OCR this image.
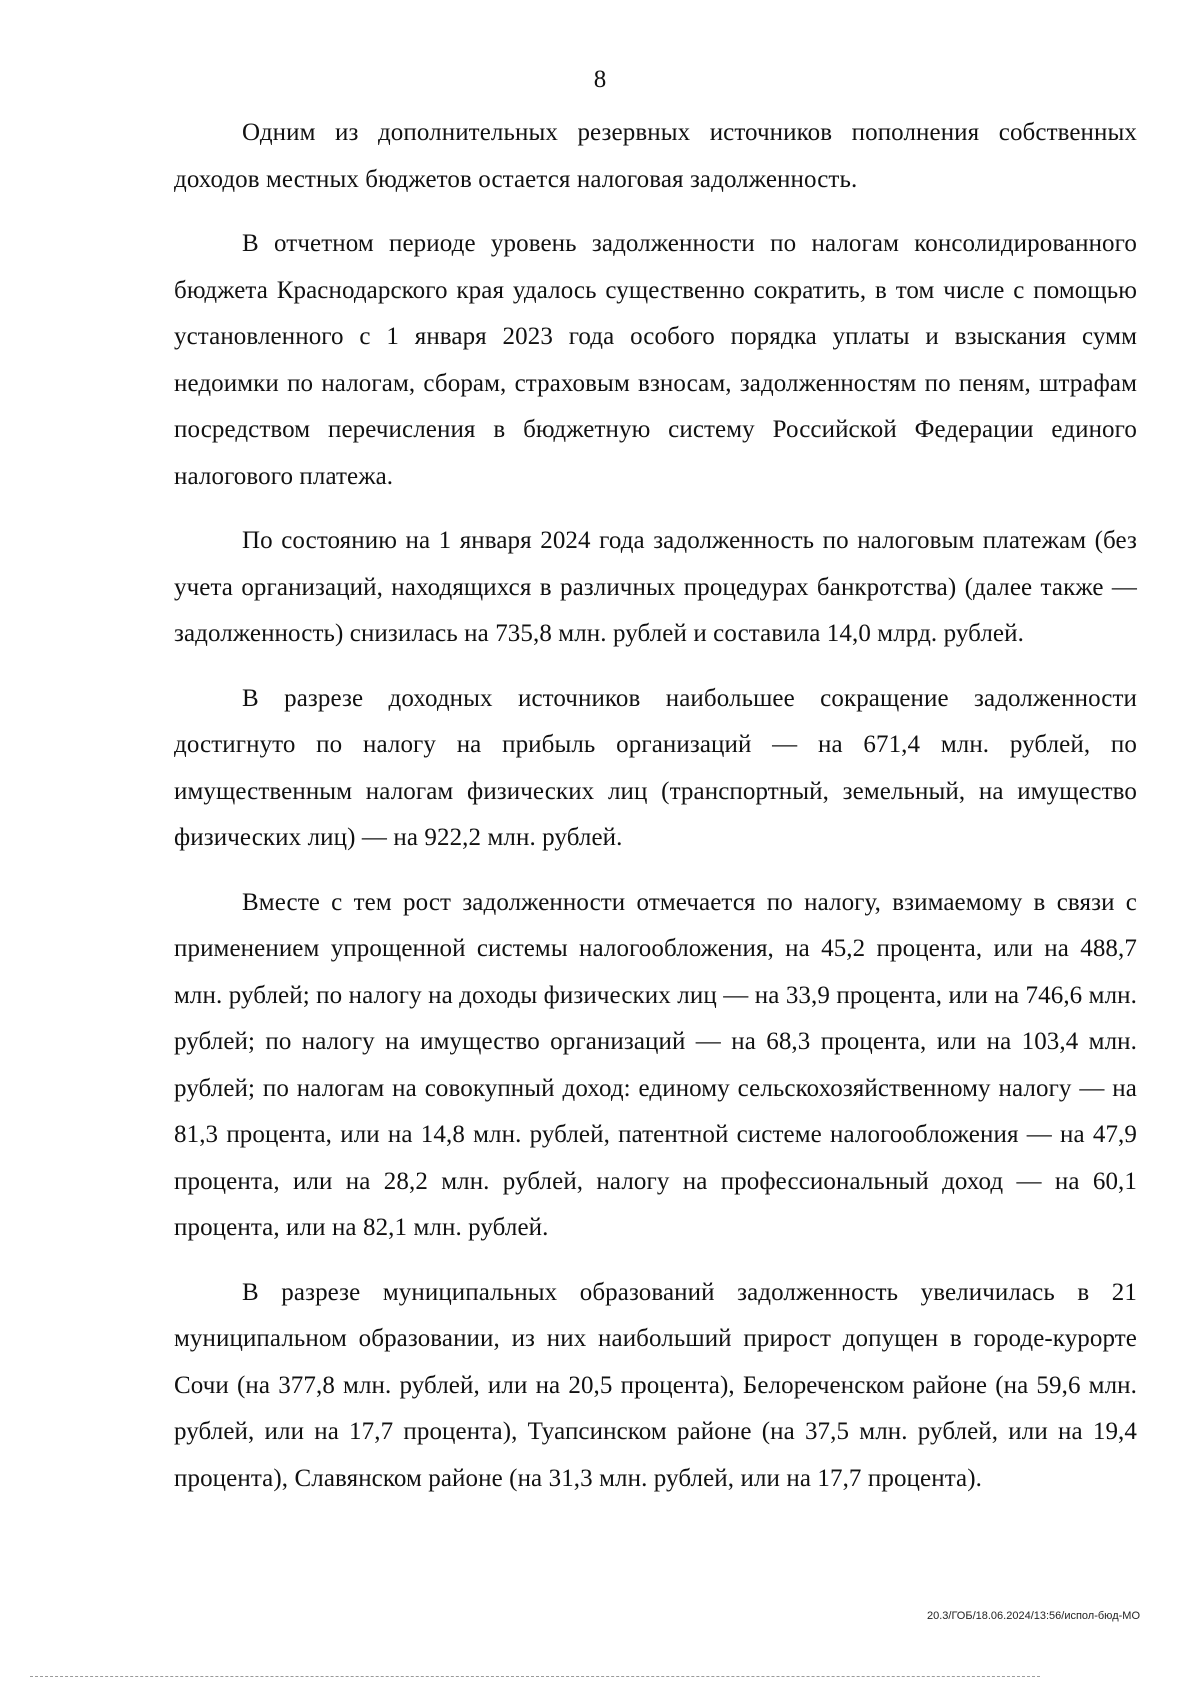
8

Одним из дополнительных резервных источников пополнения собственных доходов местных бюджетов остается налоговая задолженность.

В отчетном периоде уровень задолженности по налогам консолидированного бюджета Краснодарского края удалось существенно сократить, в том числе с помощью установленного с 1 января 2023 года особого порядка уплаты и взыскания сумм недоимки по налогам, сборам, страховым взносам, задолженностям по пеням, штрафам посредством перечисления в бюджетную систему Российской Федерации единого налогового платежа.

По состоянию на 1 января 2024 года задолженность по налоговым платежам (без учета организаций, находящихся в различных процедурах банкротства) (далее также — задолженность) снизилась на 735,8 млн. рублей и составила 14,0 млрд. рублей.

В разрезе доходных источников наибольшее сокращение задолженности достигнуто по налогу на прибыль организаций — на 671,4 млн. рублей, по имущественным налогам физических лиц (транспортный, земельный, на имущество физических лиц) — на 922,2 млн. рублей.

Вместе с тем рост задолженности отмечается по налогу, взимаемому в связи с применением упрощенной системы налогообложения, на 45,2 процента, или на 488,7 млн. рублей; по налогу на доходы физических лиц — на 33,9 процента, или на 746,6 млн. рублей; по налогу на имущество организаций — на 68,3 процента, или на 103,4 млн. рублей; по налогам на совокупный доход: единому сельскохозяйственному налогу — на 81,3 процента, или на 14,8 млн. рублей, патентной системе налогообложения — на 47,9 процента, или на 28,2 млн. рублей, налогу на профессиональный доход — на 60,1 процента, или на 82,1 млн. рублей.

В разрезе муниципальных образований задолженность увеличилась в 21 муниципальном образовании, из них наибольший прирост допущен в городе-курорте Сочи (на 377,8 млн. рублей, или на 20,5 процента), Белореченском районе (на 59,6 млн. рублей, или на 17,7 процента), Туапсинском районе (на 37,5 млн. рублей, или на 19,4 процента), Славянском районе (на 31,3 млн. рублей, или на 17,7 процента).

20.3/ГОБ/18.06.2024/13:56/испол-бюд-МО
